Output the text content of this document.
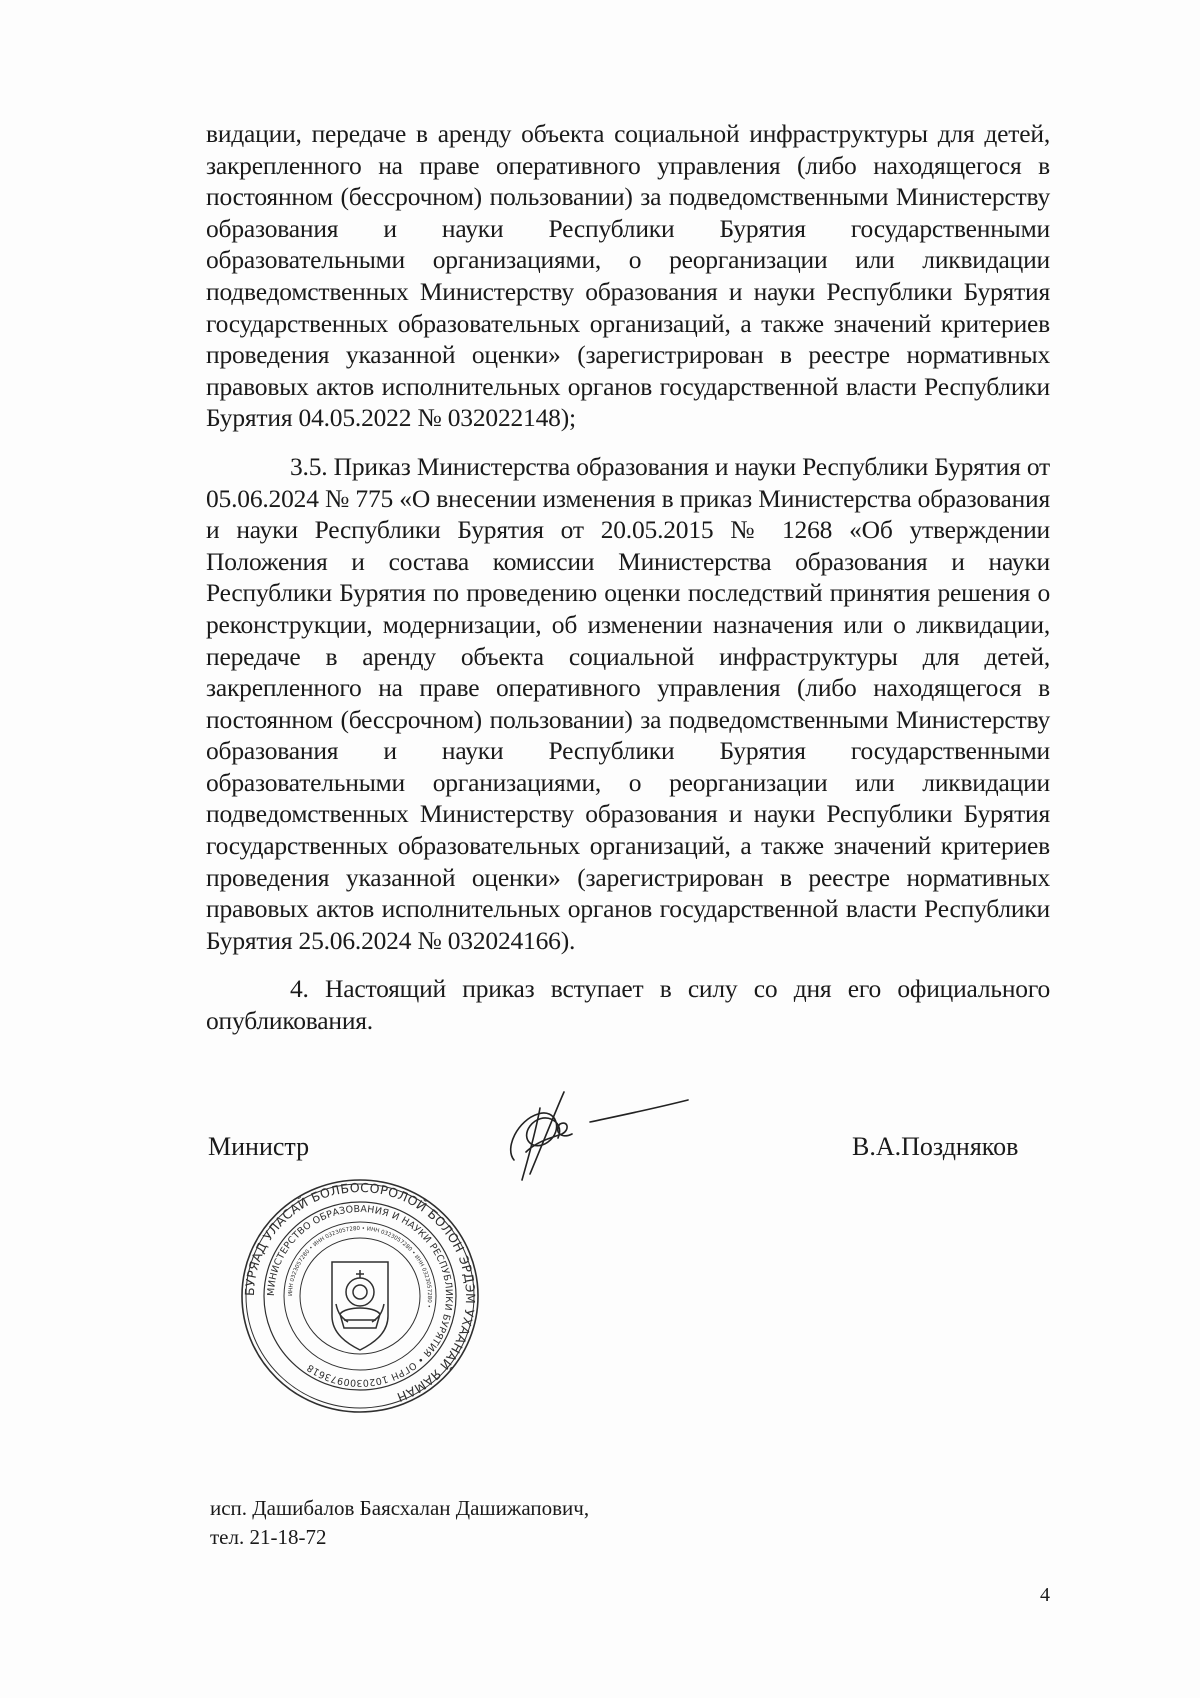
видации, передаче в аренду объекта социальной инфраструктуры для детей, закрепленного на праве оперативного управления (либо находящегося в постоянном (бессрочном) пользовании) за подведомственными Министерству образования и науки Республики Бурятия государственными образовательными организациями, о реорганизации или ликвидации подведомственных Министерству образования и науки Республики Бурятия государственных образовательных организаций, а также значений критериев проведения указанной оценки» (зарегистрирован в реестре нормативных правовых актов исполнительных органов государственной власти Республики Бурятия 04.05.2022 № 032022148);

3.5. Приказ Министерства образования и науки Республики Бурятия от 05.06.2024 № 775 «О внесении изменения в приказ Министерства образования и науки Республики Бурятия от 20.05.2015 № 1268 «Об утверждении Положения и состава комиссии Министерства образования и науки Республики Бурятия по проведению оценки последствий принятия решения о реконструкции, модернизации, об изменении назначения или о ликвидации, передаче в аренду объекта социальной инфраструктуры для детей, закрепленного на праве оперативного управления (либо находящегося в постоянном (бессрочном) пользовании) за подведомственными Министерству образования и науки Республики Бурятия государственными образовательными организациями, о реорганизации или ликвидации подведомственных Министерству образования и науки Республики Бурятия государственных образовательных организаций, а также значений критериев проведения указанной оценки» (зарегистрирован в реестре нормативных правовых актов исполнительных органов государственной власти Республики Бурятия 25.06.2024 № 032024166).

4. Настоящий приказ вступает в силу со дня его официального опубликования.

Министр	В.А.Поздняков
БУРЯАД УЛАСАЙ БОЛБОСОРОЛОЙ БОЛОН ЭРДЭМ УХААНАЙ ЯАМАН
МИНИСТЕРСТВО ОБРАЗОВАНИЯ И НАУКИ РЕСПУБЛИКИ БУРЯТИЯ • ОГРН 1020300973618
ИНН 0323057280 • ИНН 0323057280 • ИНН 0323057280 • ИНН 0323057280 •
исп. Дашибалов Баясхалан Дашижапович,
тел. 21-18-72
4
